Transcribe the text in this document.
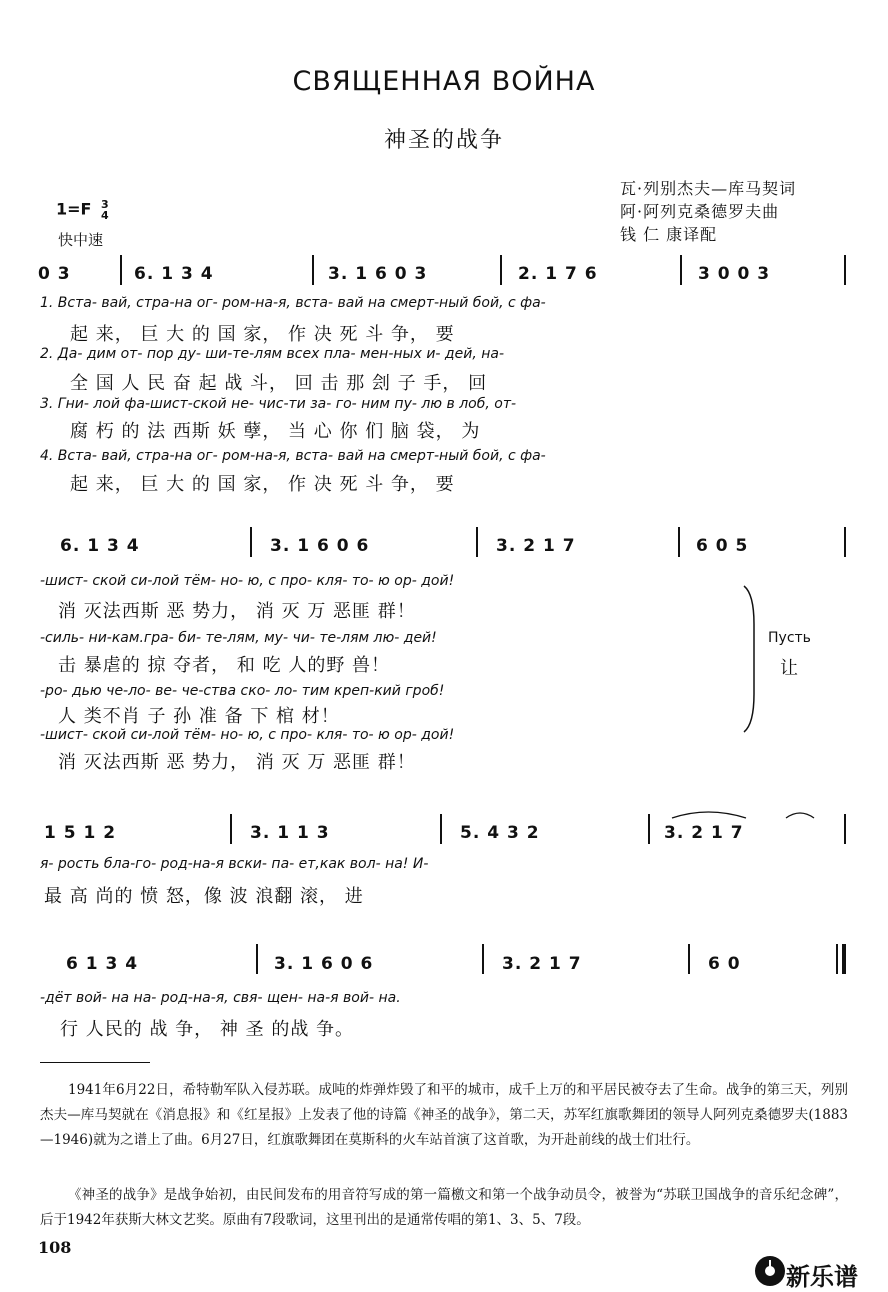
СВЯЩЕННАЯ ВОЙНА
神圣的战争
瓦·列别杰夫—库马契词
阿·阿列克桑德罗夫曲
钱 仁 康译配
1=F 3
4
快中速
0 3	6. 1 3 4	3. 1 6 0 3	2. 1 7 6	3 0 0 3
1. Вста- вай, стра-на ог- ром-на-я, вста- вай на смерт-ный бой, с фа-
起 来， 巨 大 的 国 家， 作 决 死 斗 争， 要
2. Да- дим от- пор ду- ши-те-лям всех пла- мен-ных и- дей, на-
全 国 人 民 奋 起 战 斗， 回 击 那 刽 子 手， 回
3. Гни- лой фа-шист-ской не- чис-ти за- го- ним пу- лю в лоб, от-
腐 朽 的 法 西斯 妖 孽， 当 心 你 们 脑 袋， 为
4. Вста- вай, стра-на ог- ром-на-я, вста- вай на смерт-ный бой, с фа-
起 来， 巨 大 的 国 家， 作 决 死 斗 争， 要
6. 1 3 4	3. 1 6 0 6	3. 2 1 7	6 0 5
-шист- ской си-лой тём- но- ю, с про- кля- то- ю ор- дой!
消 灭法西斯 恶 势力， 消 灭 万 恶匪 群！
-силь- ни-кам.гра- би- те-лям, му- чи- те-лям лю- дей!
击 暴虐的 掠 夺者， 和 吃 人的野 兽！
-ро- дью че-ло- ве- че-ства ско- ло- тим креп-кий гроб!
人 类不肖 子 孙 准 备 下 棺 材！
-шист- ской си-лой тём- но- ю, с про- кля- то- ю ор- дой!
消 灭法西斯 恶 势力， 消 灭 万 恶匪 群！
Пусть
让
1 5 1 2	3. 1 1 3	5. 4 3 2	3. 2 1 7
я- рость бла-го- род-на-я вски- па- ет,как вол- на! И-
最 高 尚的 愤 怒，像 波 浪翻 滚， 进
6 1 3 4	3. 1 6 0 6	3. 2 1 7	6 0
-дёт вой- на на- род-на-я, свя- щен- на-я вой- на.
行 人民的 战 争， 神 圣 的战 争。
1941年6月22日，希特勒军队入侵苏联。成吨的炸弹炸毁了和平的城市，成千上万的和平居民被夺去了生命。战争的第三天，列别杰夫—库马契就在《消息报》和《红星报》上发表了他的诗篇《神圣的战争》，第二天，苏军红旗歌舞团的领导人阿列克桑德罗夫(1883—1946)就为之谱上了曲。6月27日，红旗歌舞团在莫斯科的火车站首演了这首歌，为开赴前线的战士们壮行。
《神圣的战争》是战争始初，由民间发布的用音符写成的第一篇檄文和第一个战争动员令，被誉为“苏联卫国战争的音乐纪念碑”，后于1942年获斯大林文艺奖。原曲有7段歌词，这里刊出的是通常传唱的第1、3、5、7段。
108
新乐谱
